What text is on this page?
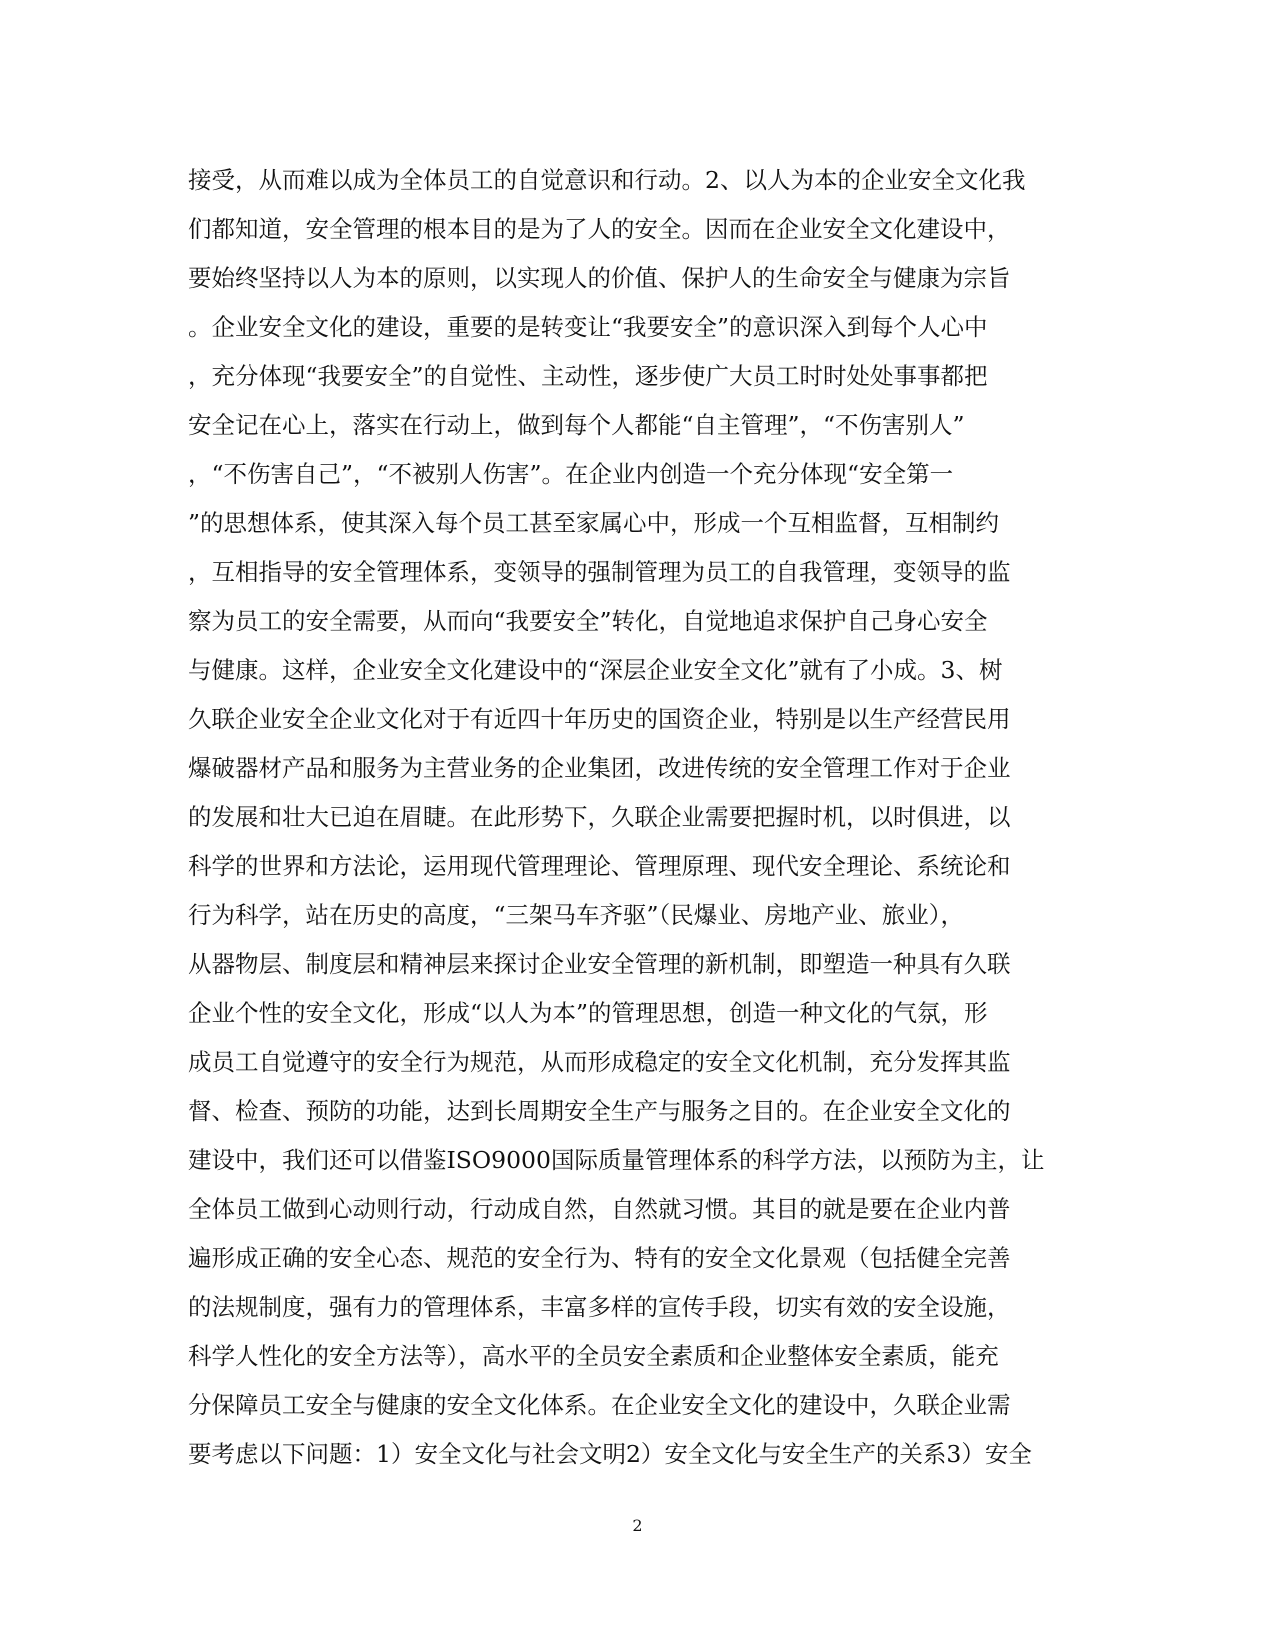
接受，从而难以成为全体员工的自觉意识和行动。2、以人为本的企业安全文化我
们都知道，安全管理的根本目的是为了人的安全。因而在企业安全文化建设中，
要始终坚持以人为本的原则，以实现人的价值、保护人的生命安全与健康为宗旨
。企业安全文化的建设，重要的是转变让“我要安全”的意识深入到每个人心中
，充分体现“我要安全”的自觉性、主动性，逐步使广大员工时时处处事事都把
安全记在心上，落实在行动上，做到每个人都能“自主管理”，“不伤害别人”
，“不伤害自己”，“不被别人伤害”。在企业内创造一个充分体现“安全第一
”的思想体系，使其深入每个员工甚至家属心中，形成一个互相监督，互相制约
，互相指导的安全管理体系，变领导的强制管理为员工的自我管理，变领导的监
察为员工的安全需要，从而向“我要安全”转化，自觉地追求保护自己身心安全
与健康。这样，企业安全文化建设中的“深层企业安全文化”就有了小成。3、树
久联企业安全企业文化对于有近四十年历史的国资企业，特别是以生产经营民用
爆破器材产品和服务为主营业务的企业集团，改进传统的安全管理工作对于企业
的发展和壮大已迫在眉睫。在此形势下，久联企业需要把握时机，以时俱进，以
科学的世界和方法论，运用现代管理理论、管理原理、现代安全理论、系统论和
行为科学，站在历史的高度，“三架马车齐驱”（民爆业、房地产业、旅业），
从器物层、制度层和精神层来探讨企业安全管理的新机制，即塑造一种具有久联
企业个性的安全文化，形成“以人为本”的管理思想，创造一种文化的气氛，形
成员工自觉遵守的安全行为规范，从而形成稳定的安全文化机制，充分发挥其监
督、检查、预防的功能，达到长周期安全生产与服务之目的。在企业安全文化的
建设中，我们还可以借鉴ISO9000国际质量管理体系的科学方法，以预防为主，让
全体员工做到心动则行动，行动成自然，自然就习惯。其目的就是要在企业内普
遍形成正确的安全心态、规范的安全行为、特有的安全文化景观（包括健全完善
的法规制度，强有力的管理体系，丰富多样的宣传手段，切实有效的安全设施，
科学人性化的安全方法等），高水平的全员安全素质和企业整体安全素质，能充
分保障员工安全与健康的安全文化体系。在企业安全文化的建设中，久联企业需
要考虑以下问题：1）安全文化与社会文明2）安全文化与安全生产的关系3）安全
2
